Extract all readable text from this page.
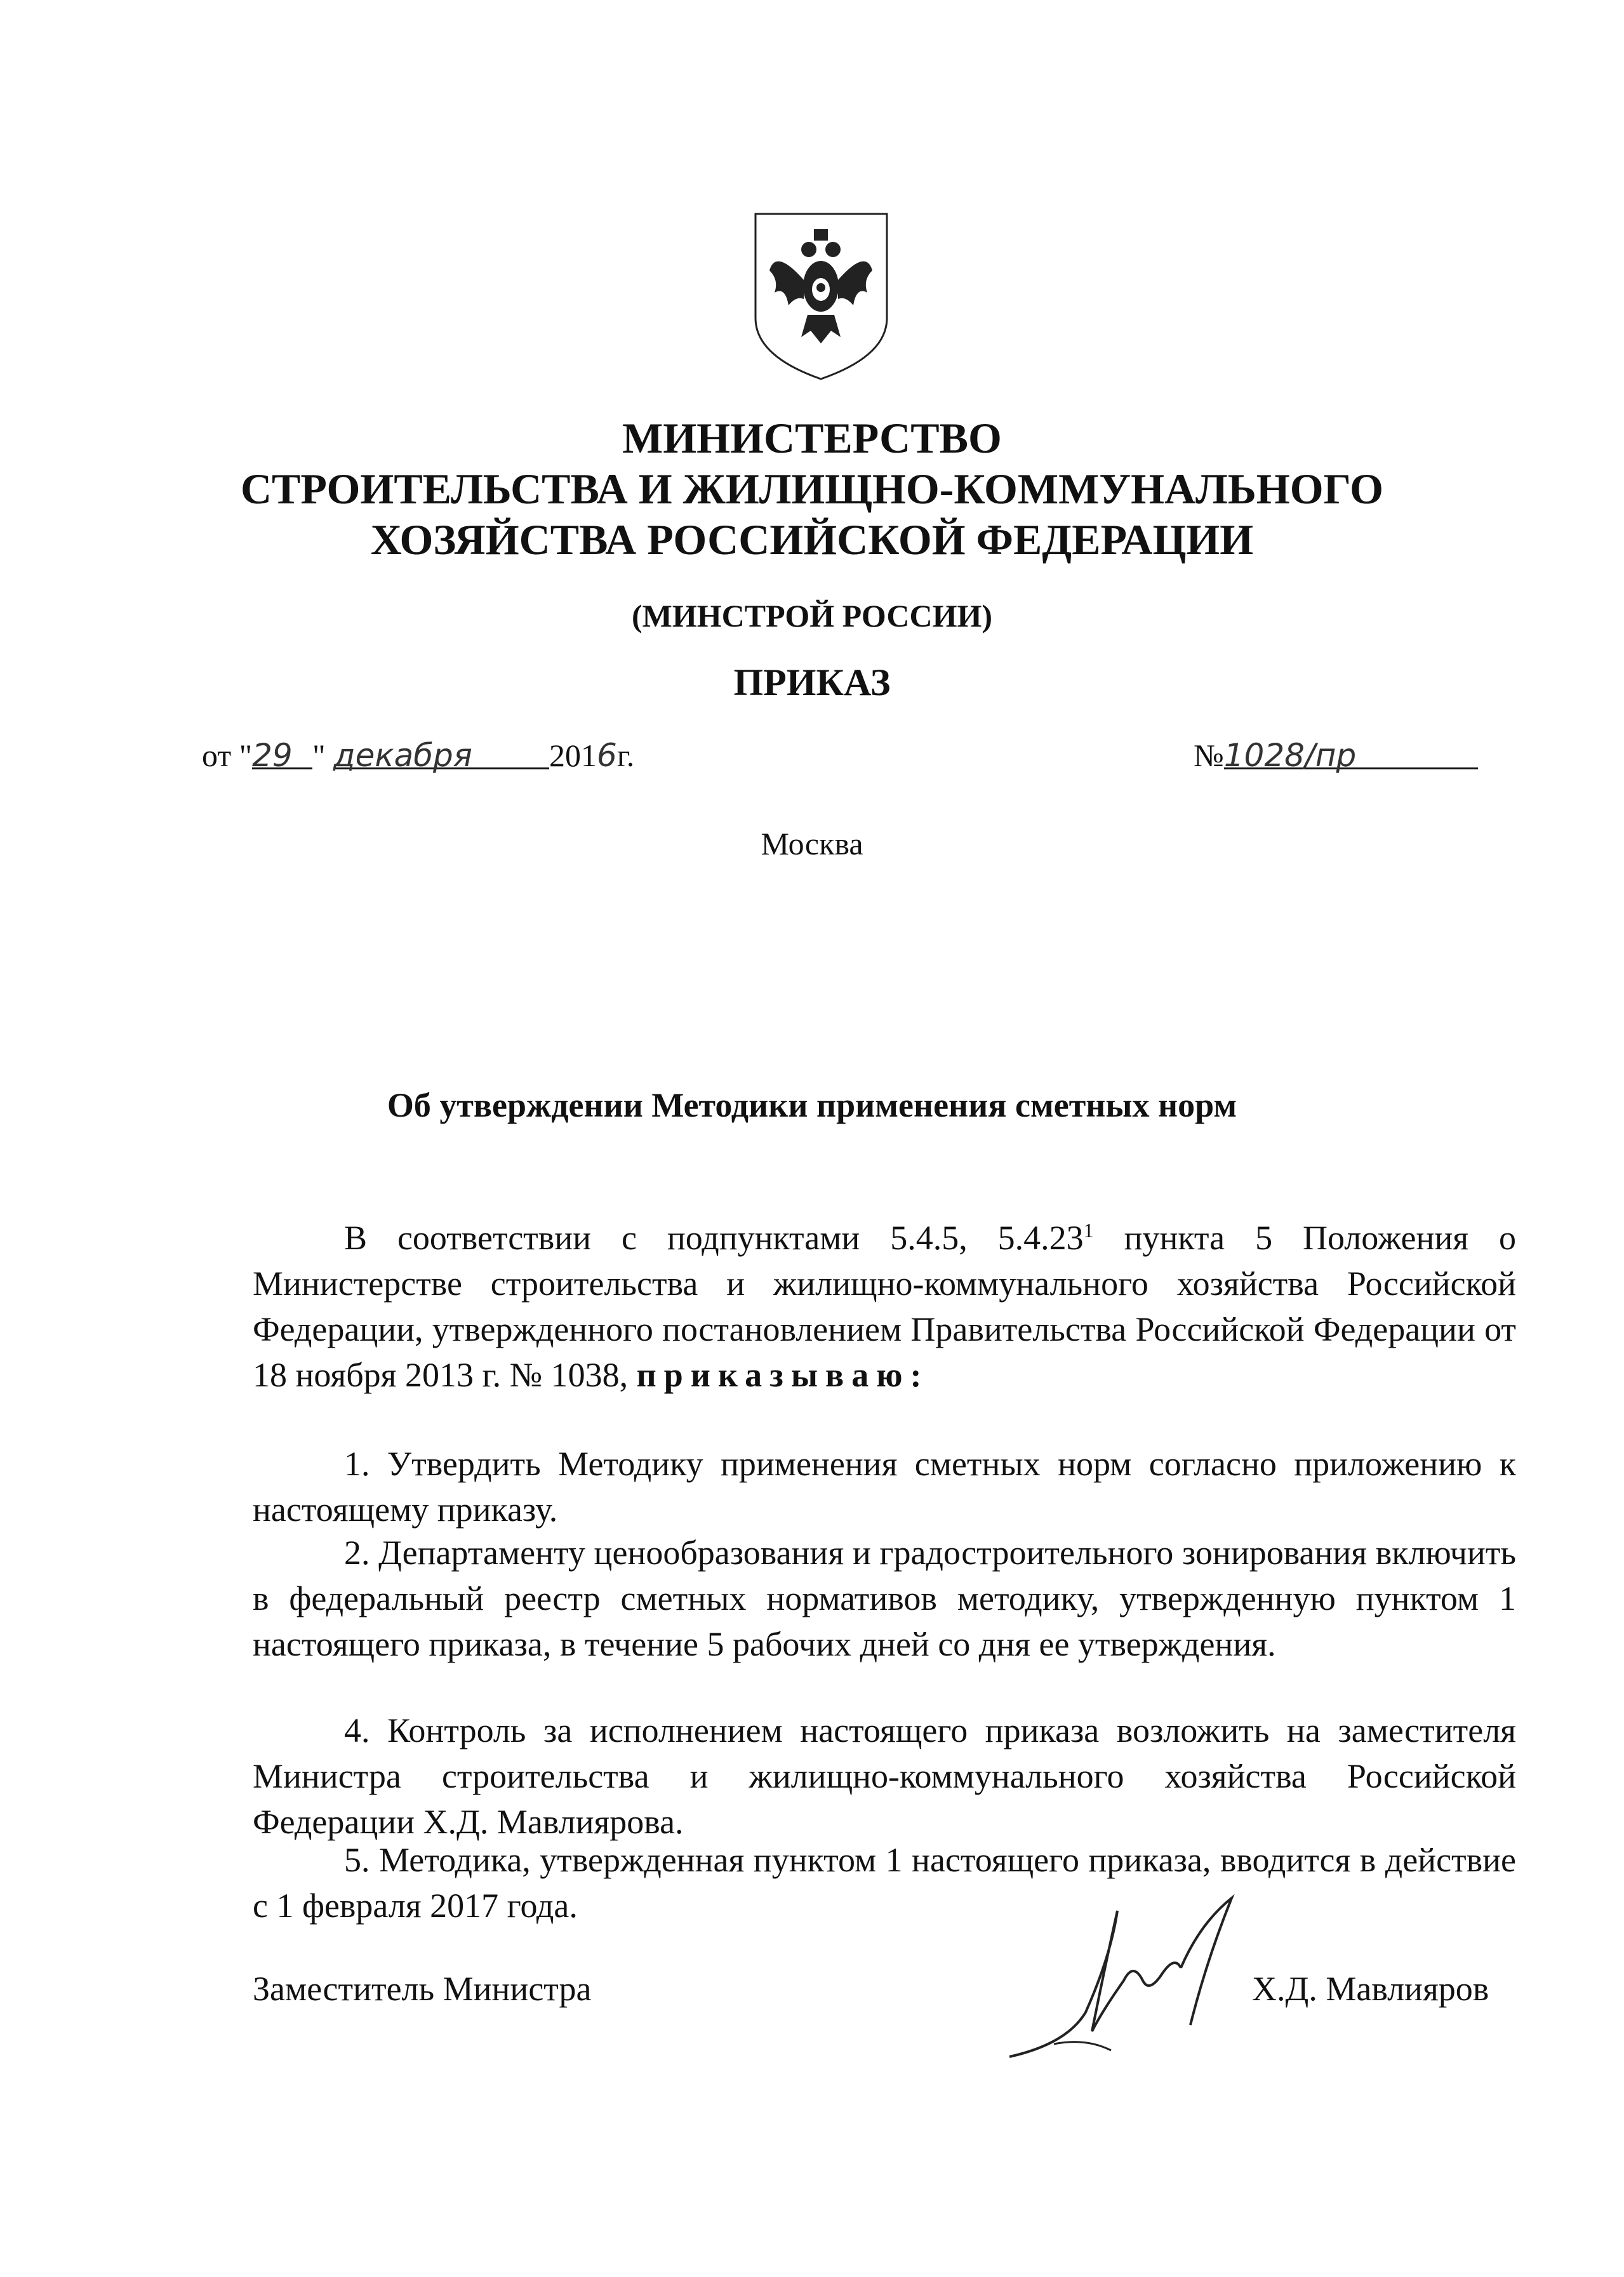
МИНИСТЕРСТВО
СТРОИТЕЛЬСТВА И ЖИЛИЩНО-КОММУНАЛЬНОГО
ХОЗЯЙСТВА РОССИЙСКОЙ ФЕДЕРАЦИИ
(МИНСТРОЙ РОССИИ)
ПРИКАЗ
от "29 " декабря 2016г.	№1028/пр
Москва
Об утверждении Методики применения сметных норм
В соответствии с подпунктами 5.4.5, 5.4.23$^1$ пункта 5 Положения о Министерстве строительства и жилищно-коммунального хозяйства Российской Федерации, утвержденного постановлением Правительства Российской Федерации от 18 ноября 2013 г. № 1038, приказываю:
1. Утвердить Методику применения сметных норм согласно приложению к настоящему приказу.
2. Департаменту ценообразования и градостроительного зонирования включить в федеральный реестр сметных нормативов методику, утвержденную пунктом 1 настоящего приказа, в течение 5 рабочих дней со дня ее утверждения.
4. Контроль за исполнением настоящего приказа возложить на заместителя Министра строительства и жилищно-коммунального хозяйства Российской Федерации Х.Д. Мавлиярова.
5. Методика, утвержденная пунктом 1 настоящего приказа, вводится в действие с 1 февраля 2017 года.
Заместитель Министра	Х.Д. Мавлияров
